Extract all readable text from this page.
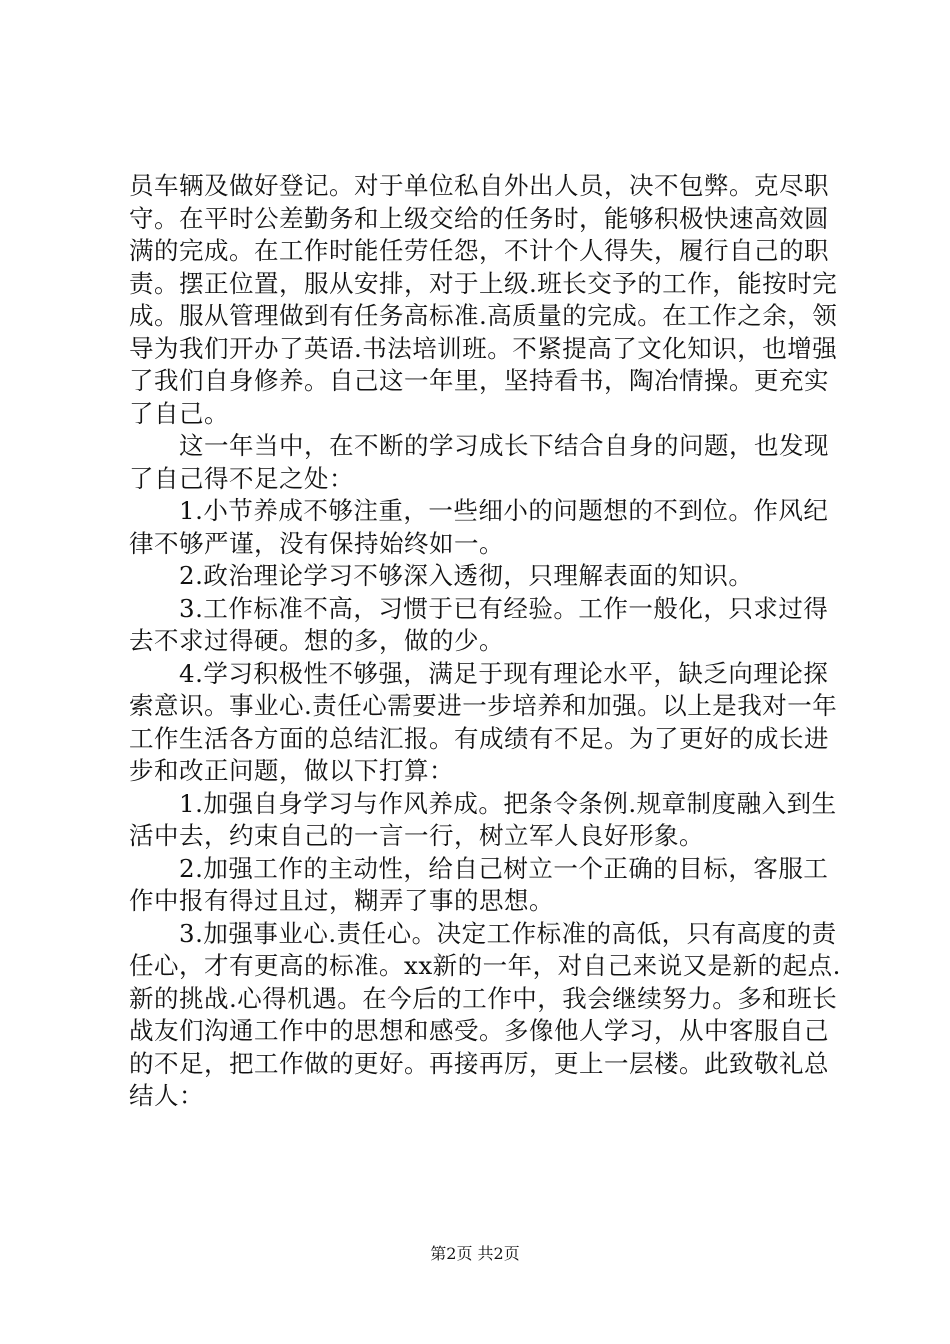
员车辆及做好登记。对于单位私自外出人员，决不包弊。克尽职守。在平时公差勤务和上级交给的任务时，能够积极快速高效圆满的完成。在工作时能任劳任怨，不计个人得失，履行自己的职责。摆正位置，服从安排，对于上级.班长交予的工作，能按时完成。服从管理做到有任务高标准.高质量的完成。在工作之余，领导为我们开办了英语.书法培训班。不紧提高了文化知识，也增强了我们自身修养。自己这一年里，坚持看书，陶冶情操。更充实了自己。

　　这一年当中，在不断的学习成长下结合自身的问题，也发现了自己得不足之处：

　　1.小节养成不够注重，一些细小的问题想的不到位。作风纪律不够严谨，没有保持始终如一。

　　2.政治理论学习不够深入透彻，只理解表面的知识。

　　3.工作标准不高，习惯于已有经验。工作一般化，只求过得去不求过得硬。想的多，做的少。

　　4.学习积极性不够强，满足于现有理论水平，缺乏向理论探索意识。事业心.责任心需要进一步培养和加强。以上是我对一年工作生活各方面的总结汇报。有成绩有不足。为了更好的成长进步和改正问题，做以下打算：

　　1.加强自身学习与作风养成。把条令条例.规章制度融入到生活中去，约束自己的一言一行，树立军人良好形象。

　　2.加强工作的主动性，给自己树立一个正确的目标，客服工作中报有得过且过，糊弄了事的思想。

　　3.加强事业心.责任心。决定工作标准的高低，只有高度的责任心，才有更高的标准。xx新的一年，对自己来说又是新的起点.新的挑战.心得机遇。在今后的工作中，我会继续努力。多和班长战友们沟通工作中的思想和感受。多像他人学习，从中客服自己的不足，把工作做的更好。再接再厉，更上一层楼。此致敬礼总结人：

第2页 共2页
